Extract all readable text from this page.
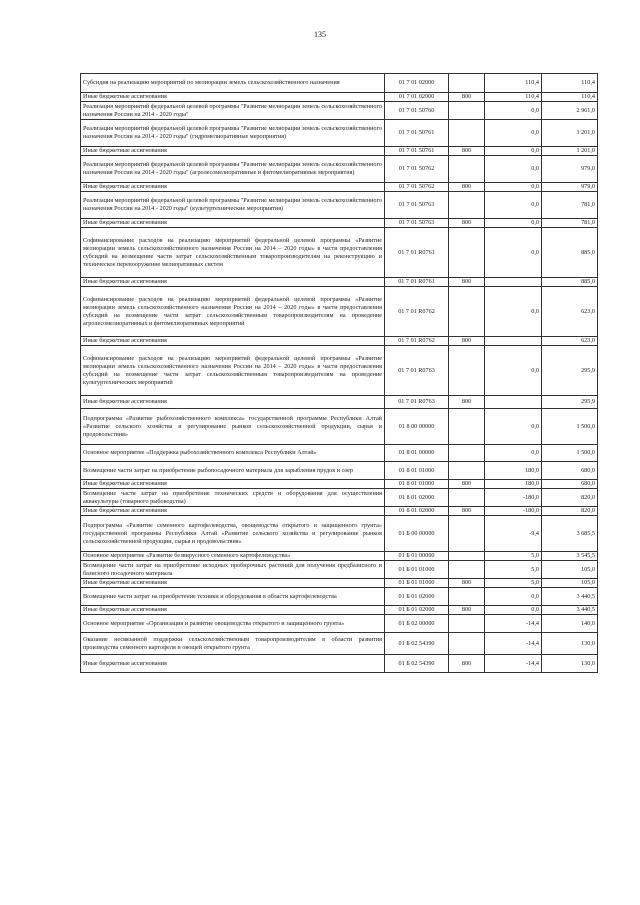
135
Субсидия на реализацию мероприятий по мелиорации земель сельскохозяйственного назначения	01 7 01 02000		110,4	110,4
Иные бюджетные ассигнования	01 7 01 02000	800	110,4	110,4
Реализация мероприятий федеральной целевой программы "Развитие мелиорации земель сельскохозяйственного назначения России на 2014 - 2020 годы"	01 7 01 50760		0,0	2 961,0
Реализация мероприятий федеральной целевой программы "Развитие мелиорации земель сельскохозяйственного назначения России на 2014 - 2020 годы" (гидромелиоративные мероприятия)	01 7 01 50761		0,0	1 201,0
Иные бюджетные ассигнования	01 7 01 50761	800	0,0	1 201,0
Реализация мероприятий федеральной целевой программы "Развитие мелиорации земель сельскохозяйственного назначения России на 2014 - 2020 годы" (агролесомелиоративные и фитомелиоративные мероприятия)	01 7 01 50762		0,0	979,0
Иные бюджетные ассигнования	01 7 01 50762	800	0,0	979,0
Реализация мероприятий федеральной целевой программы "Развитие мелиорации земель сельскохозяйственного назначения России на 2014 - 2020 годы" (культуртехнические мероприятия)	01 7 01 50763		0,0	781,0
Иные бюджетные ассигнования	01 7 01 50763	800	0,0	781,0
Софинансирование расходов на реализацию мероприятий федеральной целевой программы «Развитие мелиорации земель сельскохозяйственного назначения России на 2014 – 2020 годы» в части предоставления субсидий на возмещение части затрат сельскохозяйственным товаропроизводителям на реконструкцию и техническое перевооружение мелиоративных систем	01 7 01 R0761		0,0	885,0
Иные бюджетные ассигнования	01 7 01 R0761	800		885,0
Софинансирование расходов на реализацию мероприятий федеральной целевой программы «Развитие мелиорации земель сельскохозяйственного назначения России на 2014 – 2020 годы» в части предоставления субсидий на возмещение части затрат сельскохозяйственным товаропроизводителям на проведение агролесомелиоративных и фитомелиоративных мероприятий	01 7 01 R0762		0,0	623,0
Иные бюджетные ассигнования	01 7 01 R0762	800		623,0
Софинансирование расходов на реализацию мероприятий федеральной целевой программы «Развитие мелиорации земель сельскохозяйственного назначения России на 2014 – 2020 годы» в части предоставления субсидий на возмещение части затрат сельскохозяйственным товаропроизводителям на проведение культуртехнических мероприятий	01 7 01 R0763		0,0	295,9
Иные бюджетные ассигнования	01 7 01 R0763	800		295,9
Подпрограмма «Развитие рыбохозяйственного комплекса» государственной программы Республики Алтай «Развитие сельского хозяйства и регулирование рынков сельскохозяйственной продукции, сырья и продовольствия»	01 8 00 00000		0,0	1 500,0
Основное мероприятие «Поддержка рыбохозяйственного комплекса Республики Алтай»	01 8 01 00000		0,0	1 500,0
Возмещение части затрат на приобретение рыбопосадочного материала для зарыбления прудов и озер	01 8 01 01000		180,0	680,0
Иные бюджетные ассигнования	01 8 01 01000	800	180,0	680,0
Возмещение части затрат на приобретение технических средств и оборудования для осуществления аквакультуры (товарного рыбоводства)	01 8 01 02000		-180,0	820,0
Иные бюджетные ассигнования	01 8 01 02000	800	-180,0	820,0
Подпрограмма «Развитие семенного картофелеводства, овощеводства открытого и защищенного грунта» государственной программы Республики Алтай «Развитие сельского хозяйства и регулирование рынков сельскохозяйственной продукции, сырья и продовольствия»	01 Б 00 00000		-9,4	3 685,5
Основное мероприятие «Развитие безвирусного семенного картофелеводства»	01 Б 01 00000		5,0	3 545,5
Возмещение части затрат на приобретение исходных пробирочных растений для получения предбазисного и базисного посадочного материала	01 Б 01 01000		5,0	105,0
Иные бюджетные ассигнования	01 Б 01 01000	800	5,0	105,0
Возмещение части затрат на приобретение техники и оборудования в области картофелеводства	01 Б 01 02000		0,0	3 440,5
Иные бюджетные ассигнования	01 Б 01 02000	800	0,0	3 440,5
Основное мероприятие «Организация и развитие овощеводства открытого и защищенного грунта»	01 Б 02 00000		-14,4	140,0
Оказание несвязанной поддержки сельскохозяйственным товаропроизводителям в области развития производства семенного картофеля и овощей открытого грунта	01 Б 02 54390		-14,4	130,0
Иные бюджетные ассигнования	01 Б 02 54390	800	-14,4	130,0
